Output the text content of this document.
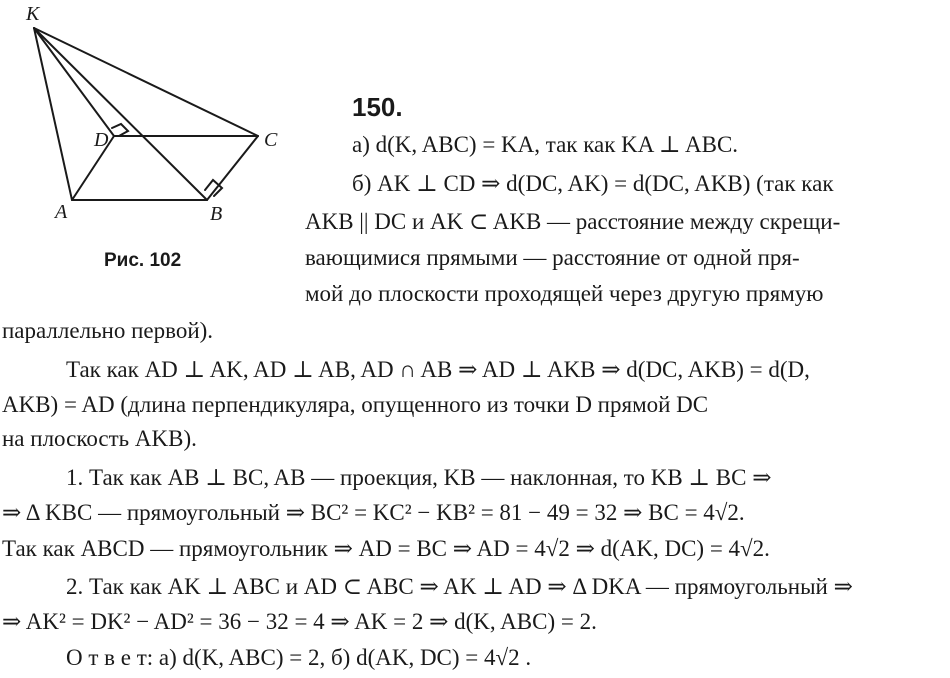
K
D	C
A	B
Рис. 102
150.
а) d(K, ABC) = KA, так как KA ⊥ ABC.
б) AK ⊥ CD ⇒ d(DC, AK) = d(DC, AKB) (так как
AKB || DC и AK ⊂ AKB — расстояние между скрещи-
вающимися прямыми — расстояние от одной пря-
мой до плоскости проходящей через другую прямую
параллельно первой).
Так как AD ⊥ AK, AD ⊥ AB, AD ∩ AB ⇒ AD ⊥ AKB ⇒ d(DC, AKB) = d(D,
AKB) = AD (длина перпендикуляра, опущенного из точки D прямой DC
на плоскость AKB).
1. Так как AB ⊥ BC, AB — проекция, KB — наклонная, то KB ⊥ BC ⇒
⇒ Δ KBC — прямоугольный ⇒ BC² = KC² − KB² = 81 − 49 = 32 ⇒ BC = 4√2.
Так как ABCD — прямоугольник ⇒ AD = BC ⇒ AD = 4√2 ⇒ d(AK, DC) = 4√2.
2. Так как AK ⊥ ABC и AD ⊂ ABC ⇒ AK ⊥ AD ⇒ Δ DKA — прямоугольный ⇒
⇒ AK² = DK² − AD² = 36 − 32 = 4 ⇒ AK = 2 ⇒ d(K, ABC) = 2.
О т в е т: а) d(K, ABC) = 2, б) d(AK, DC) = 4√2 .
